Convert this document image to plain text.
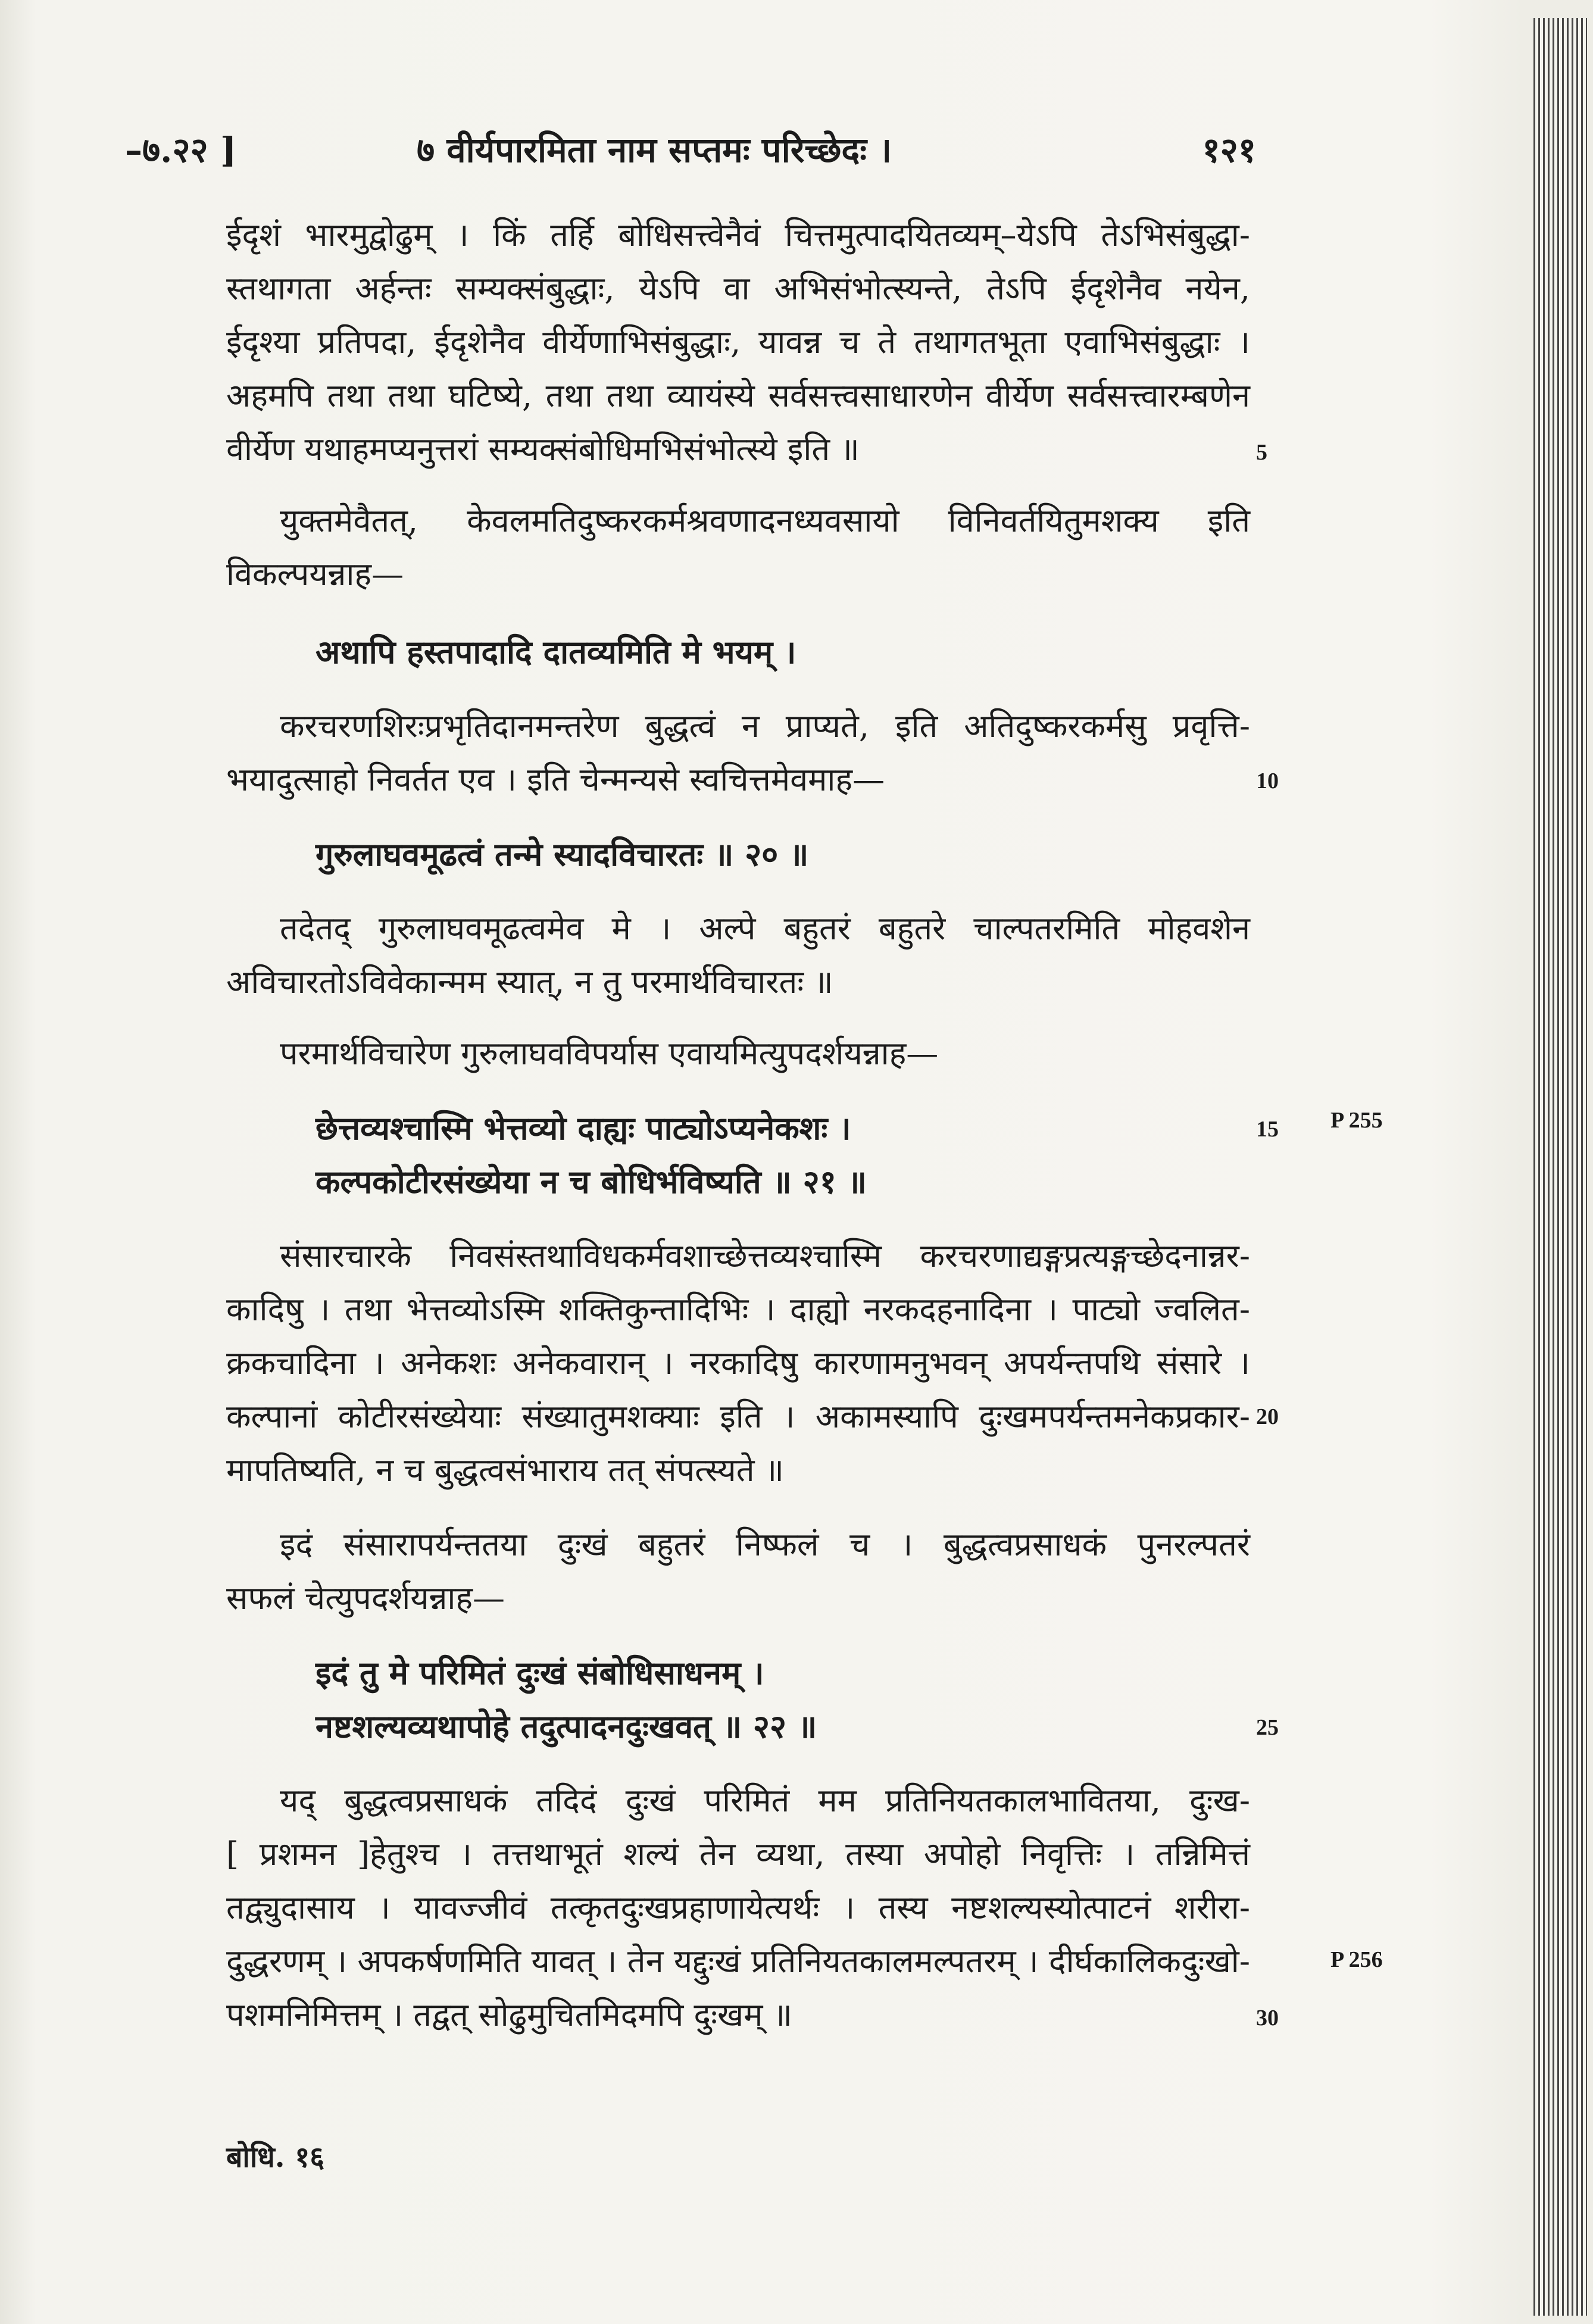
–७.२२ ]	७ वीर्यपारमिता नाम सप्तमः परिच्छेदः ।	१२१
ईदृशं भारमुद्वोढुम् । किं तर्हि बोधिसत्त्वेनैवं चित्तमुत्पादयितव्यम्–येऽपि तेऽभिसंबुद्धा-
स्तथागता अर्हन्तः सम्यक्संबुद्धाः, येऽपि वा अभिसंभोत्स्यन्ते, तेऽपि ईदृशेनैव नयेन,
ईदृश्या प्रतिपदा, ईदृशेनैव वीर्येणाभिसंबुद्धाः, यावन्न च ते तथागतभूता एवाभिसंबुद्धाः ।
अहमपि तथा तथा घटिष्ये, तथा तथा व्यायंस्ये सर्वसत्त्वसाधारणेन वीर्येण सर्वसत्त्वारम्बणेन
वीर्येण यथाहमप्यनुत्तरां सम्यक्संबोधिमभिसंभोत्स्ये इति ॥
युक्तमेवैतत्, केवलमतिदुष्करकर्मश्रवणादनध्यवसायो विनिवर्तयितुमशक्य इति
विकल्पयन्नाह—
अथापि हस्तपादादि दातव्यमिति मे भयम् ।
करचरणशिरःप्रभृतिदानमन्तरेण बुद्धत्वं न प्राप्यते, इति अतिदुष्करकर्मसु प्रवृत्ति-
भयादुत्साहो निवर्तत एव । इति चेन्मन्यसे स्वचित्तमेवमाह—
गुरुलाघवमूढत्वं तन्मे स्यादविचारतः ॥ २० ॥
तदेतद् गुरुलाघवमूढत्वमेव मे । अल्पे बहुतरं बहुतरे चाल्पतरमिति मोहवशेन
अविचारतोऽविवेकान्मम स्यात्, न तु परमार्थविचारतः ॥
परमार्थविचारेण गुरुलाघवविपर्यास एवायमित्युपदर्शयन्नाह—
छेत्तव्यश्चास्मि भेत्तव्यो दाह्यः पाट्योऽप्यनेकशः ।
कल्पकोटीरसंख्येया न च बोधिर्भविष्यति ॥ २१ ॥
संसारचारके निवसंस्तथाविधकर्मवशाच्छेत्तव्यश्चास्मि करचरणाद्यङ्गप्रत्यङ्गच्छेदनान्नर-
कादिषु । तथा भेत्तव्योऽस्मि शक्तिकुन्तादिभिः । दाह्यो नरकदहनादिना । पाट्यो ज्वलित-
क्रकचादिना । अनेकशः अनेकवारान् । नरकादिषु कारणामनुभवन् अपर्यन्तपथि संसारे ।
कल्पानां कोटीरसंख्येयाः संख्यातुमशक्याः इति । अकामस्यापि दुःखमपर्यन्तमनेकप्रकार-
मापतिष्यति, न च बुद्धत्वसंभाराय तत् संपत्स्यते ॥
इदं संसारापर्यन्ततया दुःखं बहुतरं निष्फलं च । बुद्धत्वप्रसाधकं पुनरल्पतरं
सफलं चेत्युपदर्शयन्नाह—
इदं तु मे परिमितं दुःखं संबोधिसाधनम् ।
नष्टशल्यव्यथापोहे तदुत्पादनदुःखवत् ॥ २२ ॥
यद् बुद्धत्वप्रसाधकं तदिदं दुःखं परिमितं मम प्रतिनियतकालभावितया, दुःख-
[ प्रशमन ]हेतुश्च । तत्तथाभूतं शल्यं तेन व्यथा, तस्या अपोहो निवृत्तिः । तन्निमित्तं
तद्व्युदासाय । यावज्जीवं तत्कृतदुःखप्रहाणायेत्यर्थः । तस्य नष्टशल्यस्योत्पाटनं शरीरा-
दुद्धरणम् । अपकर्षणमिति यावत् । तेन यद्दुःखं प्रतिनियतकालमल्पतरम् । दीर्घकालिकदुःखो-
पशमनिमित्तम् । तद्वत् सोढुमुचितमिदमपि दुःखम् ॥
5
10
15
20
25
30
P 255
P 256
बोधि. १६
